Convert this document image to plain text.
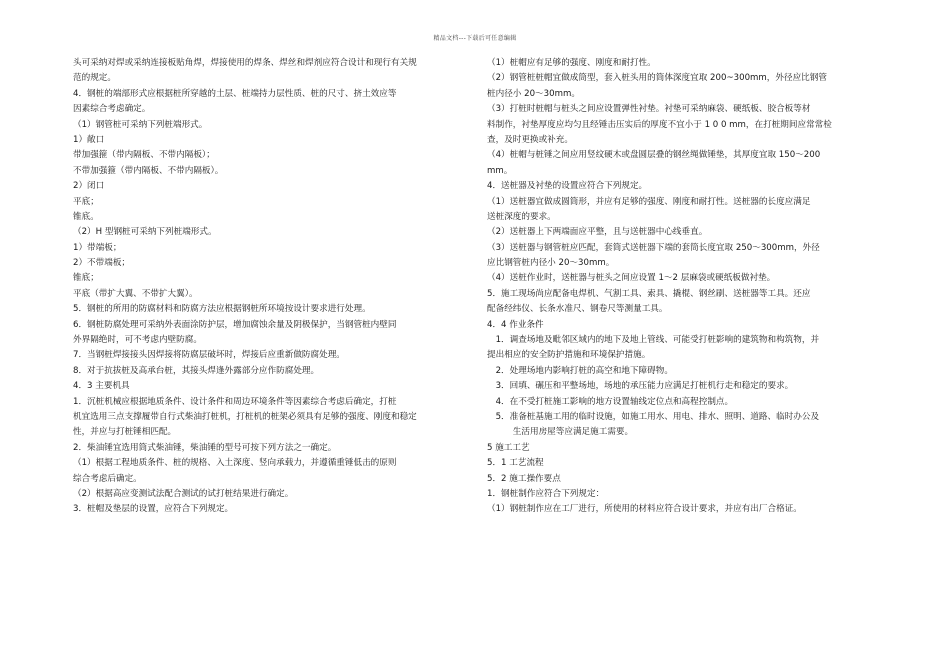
精品文档---下载后可任意编辑
头可采纳对焊或采纳连接板贴角焊，焊接使用的焊条、焊丝和焊剂应符合设计和现行有关规
范的规定。
4．钢桩的端部形式应根据桩所穿越的土层、桩端持力层性质、桩的尺寸、挤土效应等
因素综合考虑确定。
（1）钢管桩可采纳下列桩端形式。
1）敞口
带加强箍（带内隔板、不带内隔板）；
不带加强箍（带内隔板、不带内隔板）。
2）闭口
平底；
锥底。
（2）H 型钢桩可采纳下列桩端形式。
1）带端板；
2）不带端板；
锥底；
平底（带扩大翼、不带扩大翼）。
5．钢桩的所用的防腐材料和防腐方法应根据钢桩所环境按设计要求进行处理。
6．钢桩防腐处理可采纳外表面涂防护层，增加腐蚀余量及阴极保护，当钢管桩内壁同
外界隔绝时，可不考虑内壁防腐。
7．当钢桩焊接接头因焊接将防腐层破坏时，焊接后应重新做防腐处理。
8．对于抗拔桩及高承台桩，其接头焊逢外露部分应作防腐处理。
4．3 主要机具
1．沉桩机械应根据地质条件、设计条件和周边环境条件等因素综合考虑后确定，打桩
机宜选用三点支撑履带自行式柴油打桩机，打桩机的桩架必须具有足够的强度、刚度和稳定
性，并应与打桩锤相匹配。
2．柴油锤宜选用筒式柴油锤，柴油锤的型号可按下列方法之一确定。
（1）根据工程地质条件、桩的规格、入土深度、竖向承载力，并遵循重锤低击的原则
综合考虑后确定。
（2）根据高应变测试法配合测试的试打桩结果进行确定。
3．桩帽及垫层的设置，应符合下列规定。
（1）桩帽应有足够的强度、刚度和耐打性。
（2）钢管桩桩帽宜做成筒型，套入桩头用的筒体深度宜取 200~300mm，外径应比钢管
桩内径小 20～30mm。
（3）打桩时桩帽与桩头之间应设置弹性衬垫。衬垫可采纳麻袋、硬纸板、胶合板等材
料制作，衬垫厚度应均匀且经锤击压实后的厚度不宜小于 1 0 0 mm，在打桩期间应常常检
查，及时更换或补充。
（4）桩帽与桩锤之间应用竖纹硬木或盘圆层叠的钢丝绳做锤垫，其厚度宜取 150～200
mm。
4．送桩器及衬垫的设置应符合下列规定。
（1）送桩器宜做成圆筒形，并应有足够的强度、刚度和耐打性。送桩器的长度应满足
送桩深度的要求。
（2）送桩器上下两端面应平整，且与送桩器中心线垂直。
（3）送桩器与钢管桩应匹配，套筒式送桩器下端的套筒长度宜取 250～300mm，外径
应比钢管桩内径小 20～30mm。
（4）送桩作业时，送桩器与桩头之间应设置 1～2 层麻袋或硬纸板做衬垫。
5．施工现场尚应配备电焊机、气割工具、索具、撬棍、钢丝刷、送桩器等工具。还应
配备经纬仪、长条水准尺、钢卷尺等测量工具。
4．4 作业条件
　1．调查场地及毗邻区域内的地下及地上管线、可能受打桩影响的建筑物和构筑物，并
提出相应的安全防护措施和环境保护措施。
　2．处理场地内影响打桩的高空和地下障碍物。
　3．回填、碾压和平整场地，场地的承压能力应满足打桩机行走和稳定的要求。
　4．在不受打桩施工影响的地方设置轴线定位点和高程控制点。
　5．准备桩基施工用的临时设施，如施工用水、用电、排水、照明、道路、临时办公及
　　　生活用房屋等应满足施工需要。
5 施工工艺
5．1 工艺流程
5．2 施工操作要点
1．钢桩制作应符合下列规定：
（1）钢桩制作应在工厂进行，所使用的材料应符合设计要求，并应有出厂合格证。
